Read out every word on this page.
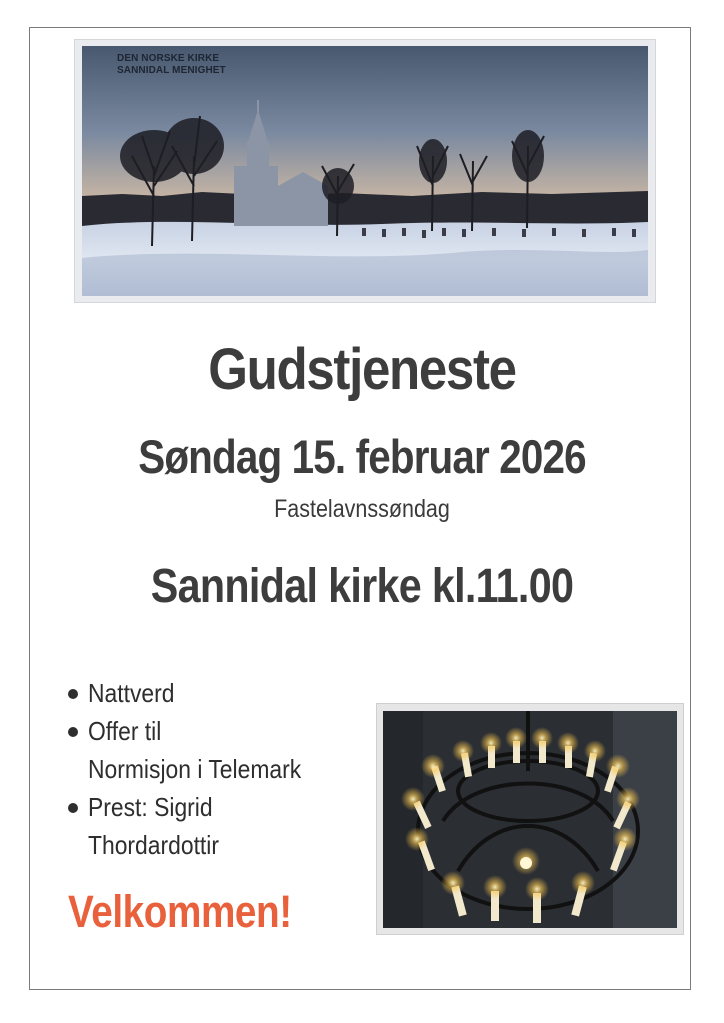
DEN NORSKE KIRKE
SANNIDAL MENIGHET
Gudstjeneste
Søndag 15. februar 2026
Fastelavnssøndag
Sannidal kirke kl.11.00
Nattverd
Offer til
Normisjon i Telemark
Prest: Sigrid
Thordardottir
Velkommen!
